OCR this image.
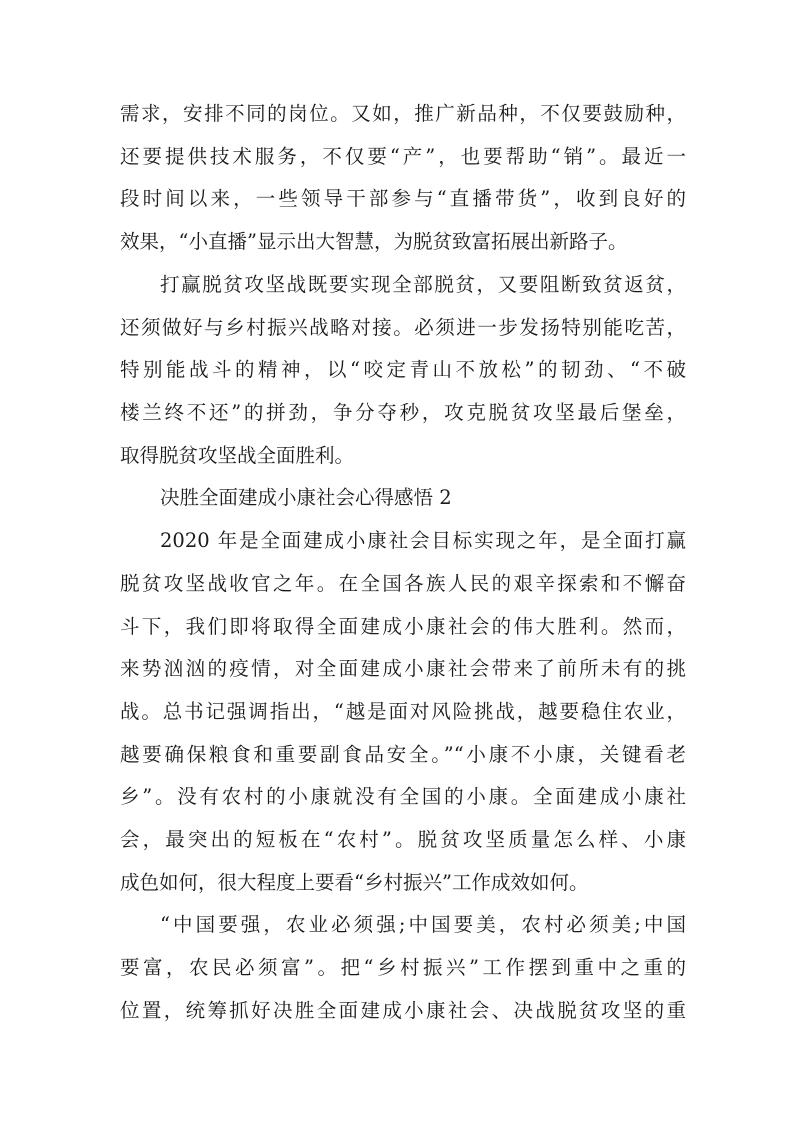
需求，安排不同的岗位。又如，推广新品种，不仅要鼓励种，
还要提供技术服务，不仅要“产”，也要帮助“销”。最近一
段时间以来，一些领导干部参与“直播带货”，收到良好的
效果，“小直播”显示出大智慧，为脱贫致富拓展出新路子。
打赢脱贫攻坚战既要实现全部脱贫，又要阻断致贫返贫，
还须做好与乡村振兴战略对接。必须进一步发扬特别能吃苦，
特别能战斗的精神，以“咬定青山不放松”的韧劲、“不破
楼兰终不还”的拼劲，争分夺秒，攻克脱贫攻坚最后堡垒，
取得脱贫攻坚战全面胜利。
决胜全面建成小康社会心得感悟 2
2020 年是全面建成小康社会目标实现之年，是全面打赢
脱贫攻坚战收官之年。在全国各族人民的艰辛探索和不懈奋
斗下，我们即将取得全面建成小康社会的伟大胜利。然而，
来势汹汹的疫情，对全面建成小康社会带来了前所未有的挑
战。总书记强调指出，“越是面对风险挑战，越要稳住农业，
越要确保粮食和重要副食品安全。”“小康不小康，关键看老
乡”。没有农村的小康就没有全国的小康。全面建成小康社
会，最突出的短板在“农村”。脱贫攻坚质量怎么样、小康
成色如何，很大程度上要看“乡村振兴”工作成效如何。
“中国要强，农业必须强;中国要美，农村必须美;中国
要富，农民必须富”。把“乡村振兴”工作摆到重中之重的
位置，统筹抓好决胜全面建成小康社会、决战脱贫攻坚的重
